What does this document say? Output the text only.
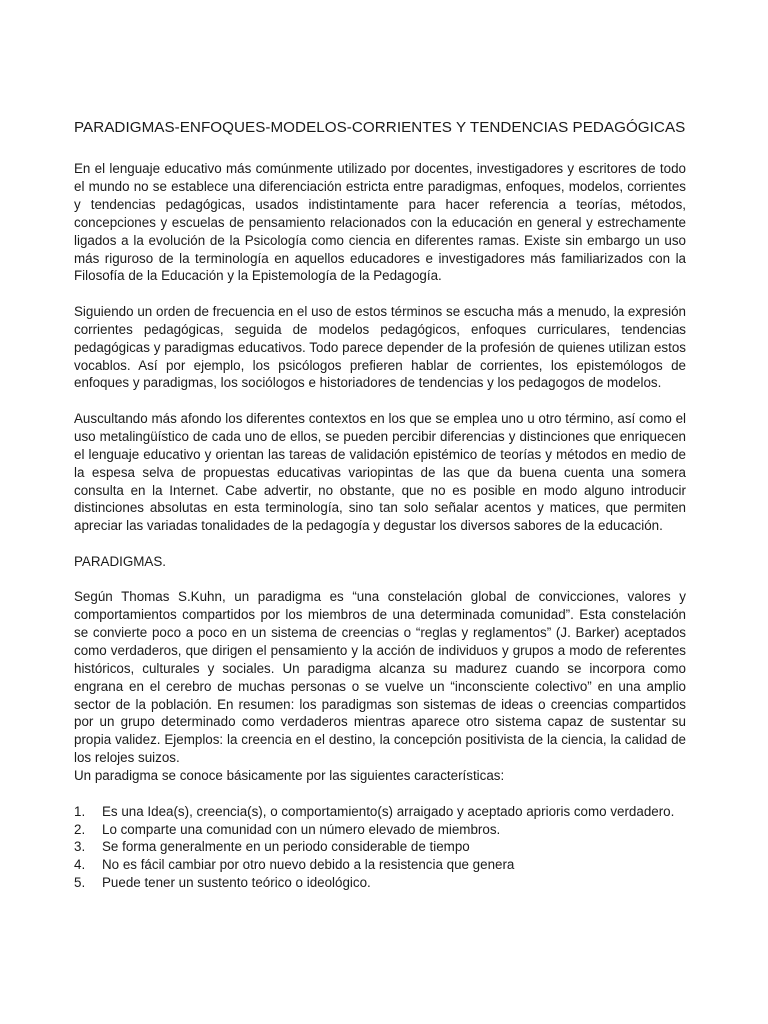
PARADIGMAS-ENFOQUES-MODELOS-CORRIENTES Y TENDENCIAS PEDAGÓGICAS

En el lenguaje educativo más comúnmente utilizado por docentes, investigadores y escritores de todo el mundo no se establece una diferenciación estricta entre paradigmas, enfoques, modelos, corrientes y tendencias pedagógicas, usados indistintamente para hacer referencia a teorías, métodos, concepciones y escuelas de pensamiento relacionados con la educación en general y estrechamente ligados a la evolución de la Psicología como ciencia en diferentes ramas. Existe sin embargo un uso más riguroso de la terminología en aquellos educadores e investigadores más familiarizados con la Filosofía de la Educación y la Epistemología de la Pedagogía.

Siguiendo un orden de frecuencia en el uso de estos términos se escucha más a menudo, la expresión corrientes pedagógicas, seguida de modelos pedagógicos, enfoques curriculares, tendencias pedagógicas y paradigmas educativos. Todo parece depender de la profesión de quienes utilizan estos vocablos. Así por ejemplo, los psicólogos prefieren hablar de corrientes, los epistemólogos de enfoques y paradigmas, los sociólogos e historiadores de tendencias y los pedagogos de modelos.

Auscultando más afondo los diferentes contextos en los que se emplea uno u otro término, así como el uso metalingüístico de cada uno de ellos, se pueden percibir diferencias y distinciones que enriquecen el lenguaje educativo y orientan las tareas de validación epistémico de teorías y métodos en medio de la espesa selva de propuestas educativas variopintas de las que da buena cuenta una somera consulta en la Internet. Cabe advertir, no obstante, que no es posible en modo alguno introducir distinciones absolutas en esta terminología, sino tan solo señalar acentos y matices, que permiten apreciar las variadas tonalidades de la pedagogía y degustar los diversos sabores de la educación.

PARADIGMAS.

Según Thomas S.Kuhn, un paradigma es “una constelación global de convicciones, valores y comportamientos compartidos por los miembros de una determinada comunidad”. Esta constelación se convierte poco a poco en un sistema de creencias o “reglas y reglamentos” (J. Barker) aceptados como verdaderos, que dirigen el pensamiento y la acción de individuos y grupos a modo de referentes históricos, culturales y sociales. Un paradigma alcanza su madurez cuando se incorpora como engrana en el cerebro de muchas personas o se vuelve un “inconsciente colectivo” en una amplio sector de la población. En resumen: los paradigmas son sistemas de ideas o creencias compartidos por un grupo determinado como verdaderos mientras aparece otro sistema capaz de sustentar su propia validez. Ejemplos: la creencia en el destino, la concepción positivista de la ciencia, la calidad de los relojes suizos.

Un paradigma se conoce básicamente por las siguientes características:
1. Es una Idea(s), creencia(s), o comportamiento(s) arraigado y aceptado aprioris como verdadero.
2. Lo comparte una comunidad con un número elevado de miembros.
3. Se forma generalmente en un periodo considerable de tiempo
4. No es fácil cambiar por otro nuevo debido a la resistencia que genera
5. Puede tener un sustento teórico o ideológico.
